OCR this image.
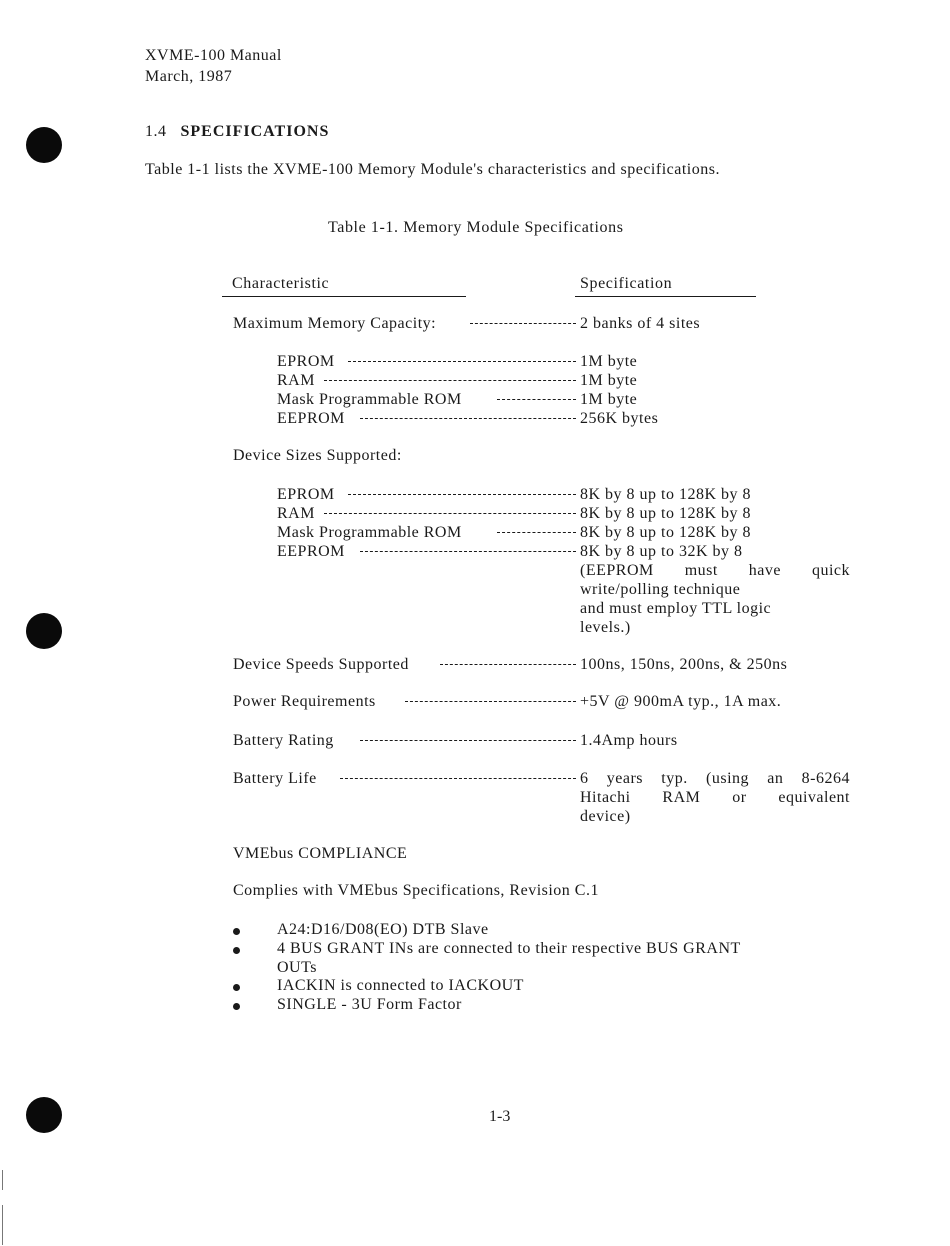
XVME-100 Manual
March, 1987
1.4 SPECIFICATIONS
Table 1-1 lists the XVME-100 Memory Module's characteristics and specifications.
Table 1-1. Memory Module Specifications
Characteristic	Specification
Maximum Memory Capacity:	2 banks of 4 sites
EPROM	1M byte
RAM	1M byte
Mask Programmable ROM	1M byte
EEPROM	256K bytes
Device Sizes Supported:
EPROM	8K by 8 up to 128K by 8
RAM	8K by 8 up to 128K by 8
Mask Programmable ROM	8K by 8 up to 128K by 8
EEPROM	8K by 8 up to 32K by 8
(EEPROM    must    have    quick
write/polling technique
and must employ TTL logic
levels.)
Device Speeds Supported	100ns, 150ns, 200ns, & 250ns
Power Requirements	+5V @ 900mA typ., 1A max.
Battery Rating	1.4Amp hours
Battery Life	6 years typ. (using an 8-6264
Hitachi RAM or equivalent
device)
VMEbus COMPLIANCE
Complies with VMEbus Specifications, Revision C.1
A24:D16/D08(EO) DTB Slave
4 BUS GRANT INs are connected to their respective BUS GRANT
OUTs
IACKIN is connected to IACKOUT
SINGLE - 3U Form Factor
1-3
